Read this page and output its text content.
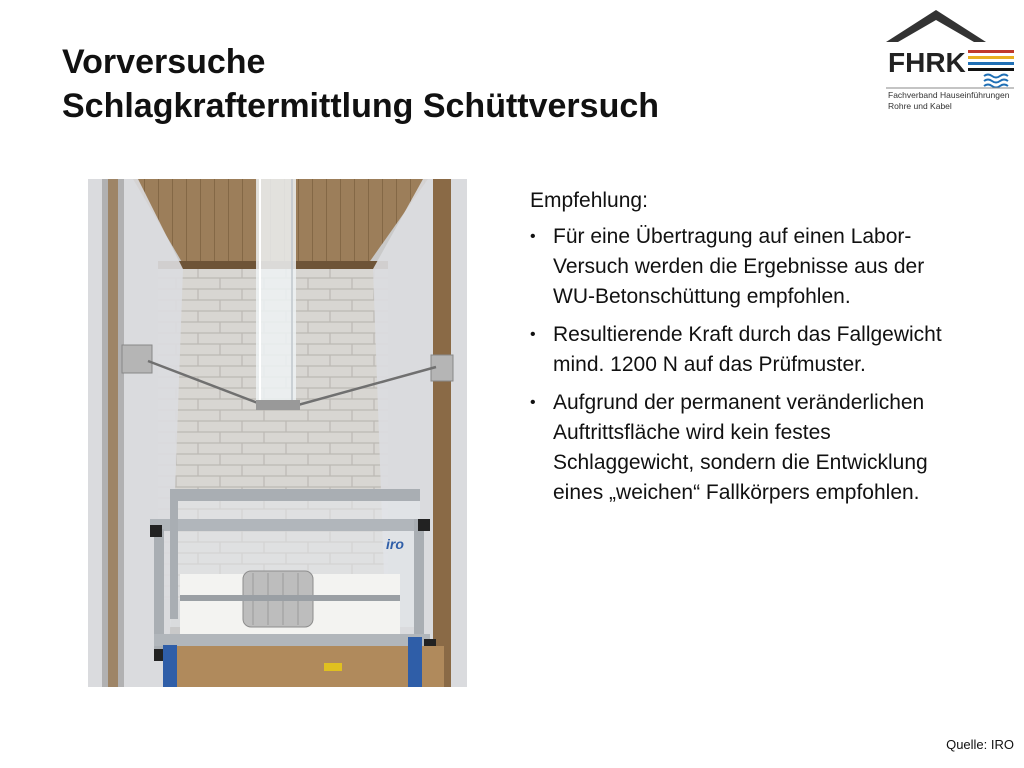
Vorversuche
Schlagkraftermittlung Schüttversuch
FHRK
Fachverband Hauseinführungen
Rohre und Kabel
iro
Empfehlung:
• Für eine Übertragung auf einen Labor-Versuch werden die Ergebnisse aus der WU-Betonschüttung empfohlen.
• Resultierende Kraft durch das Fallgewicht mind. 1200 N auf das Prüfmuster.
• Aufgrund der permanent veränderlichen Auftrittsfläche wird kein festes Schlaggewicht, sondern die Entwicklung eines „weichen“ Fallkörpers empfohlen.
Quelle: IRO
